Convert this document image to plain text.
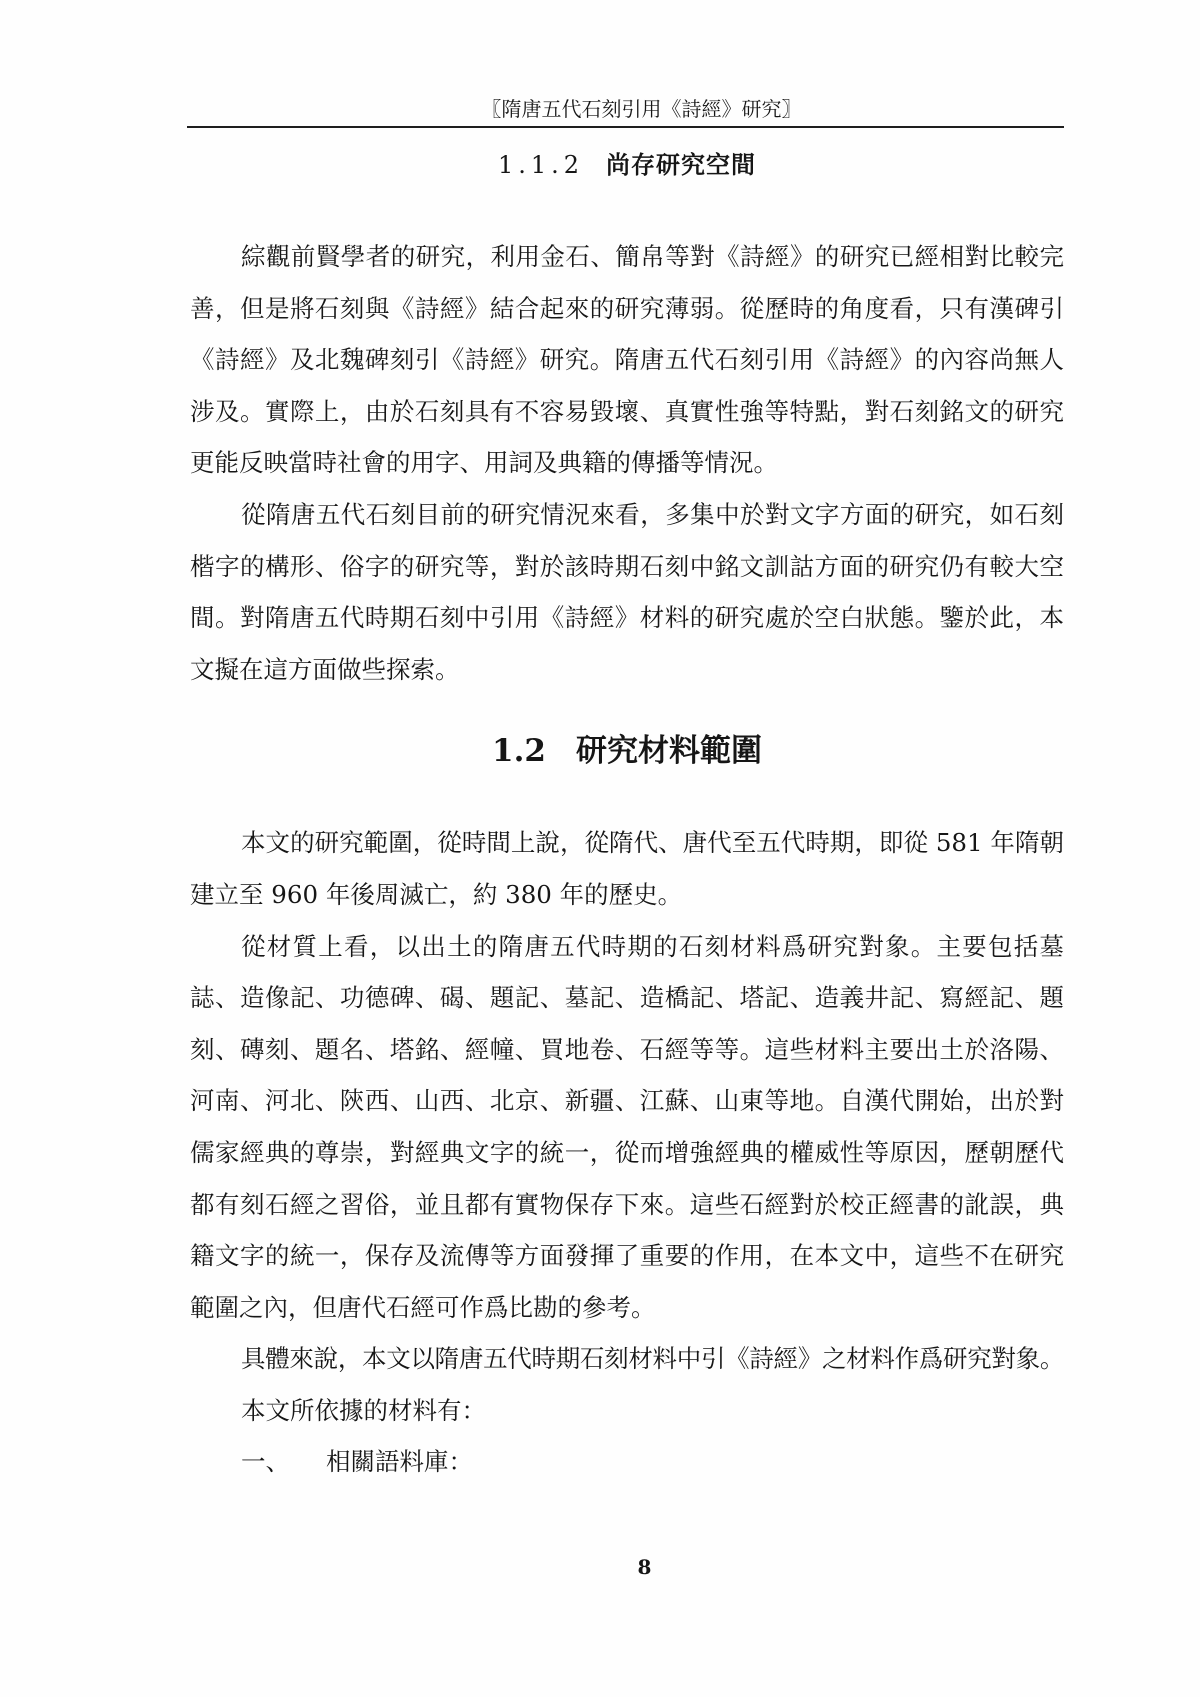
〖隋唐五代石刻引用《詩經》研究〗
1.1.2 尚存研究空間
綜觀前賢學者的研究，利用金石、簡帛等對《詩經》的研究已經相對比較完
善，但是將石刻與《詩經》結合起來的研究薄弱。從歷時的角度看，只有漢碑引
《詩經》及北魏碑刻引《詩經》研究。隋唐五代石刻引用《詩經》的內容尚無人
涉及。實際上，由於石刻具有不容易毀壞、真實性強等特點，對石刻銘文的研究
更能反映當時社會的用字、用詞及典籍的傳播等情況。
從隋唐五代石刻目前的研究情況來看，多集中於對文字方面的研究，如石刻
楷字的構形、俗字的研究等，對於該時期石刻中銘文訓詁方面的研究仍有較大空
間。對隋唐五代時期石刻中引用《詩經》材料的研究處於空白狀態。鑒於此，本
文擬在這方面做些探索。
1.2 研究材料範圍
本文的研究範圍，從時間上說，從隋代、唐代至五代時期，即從 581 年隋朝
建立至 960 年後周滅亡，約 380 年的歷史。
從材質上看，以出土的隋唐五代時期的石刻材料爲研究對象。主要包括墓
誌、造像記、功德碑、碣、題記、墓記、造橋記、塔記、造義井記、寫經記、題
刻、磚刻、題名、塔銘、經幢、買地卷、石經等等。這些材料主要出土於洛陽、
河南、河北、陝西、山西、北京、新疆、江蘇、山東等地。自漢代開始，出於對
儒家經典的尊崇，對經典文字的統一，從而增強經典的權威性等原因，歷朝歷代
都有刻石經之習俗，並且都有實物保存下來。這些石經對於校正經書的訛誤，典
籍文字的統一，保存及流傳等方面發揮了重要的作用，在本文中，這些不在研究
範圍之內，但唐代石經可作爲比勘的參考。
具體來說，本文以隋唐五代時期石刻材料中引《詩經》之材料作爲研究對象。
本文所依據的材料有：
一、 相關語料庫：
8
